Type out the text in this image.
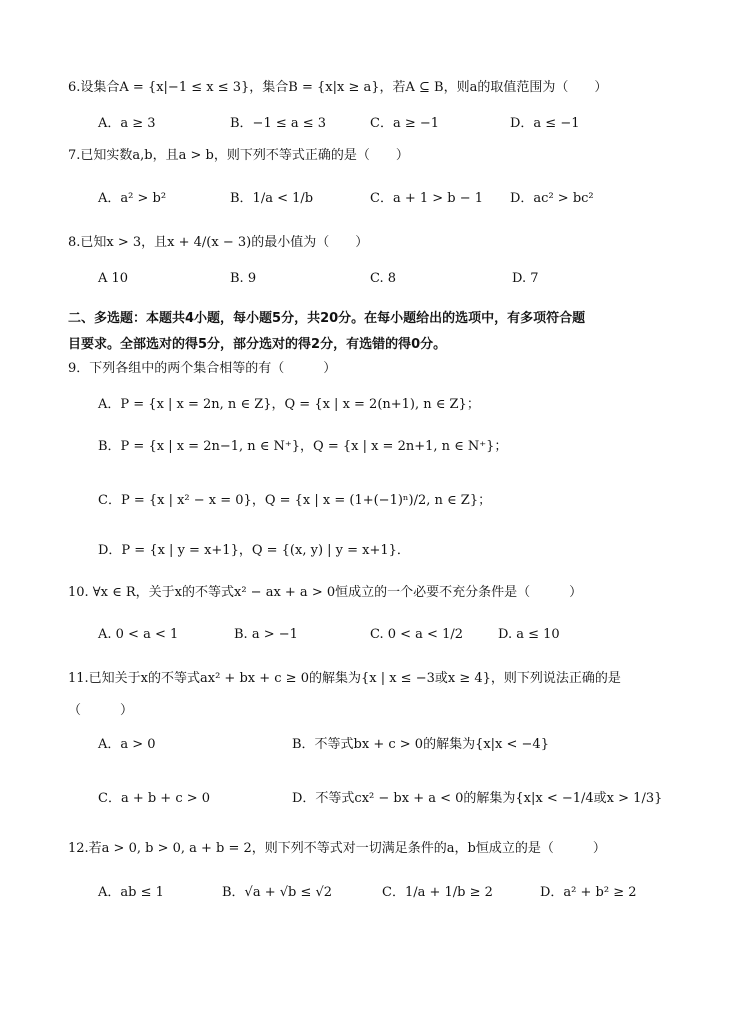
6.设集合A = {x|−1 ≤ x ≤ 3}，集合B = {x|x ≥ a}，若A ⊆ B，则a的取值范围为（　　）
A．a ≥ 3	B．−1 ≤ a ≤ 3	C．a ≥ −1	D．a ≤ −1
7.已知实数a,b，且a > b，则下列不等式正确的是（　　）
A．a² > b²	B．1/a < 1/b	C．a + 1 > b − 1 D．ac² > bc²
8.已知x > 3，且x + 4/(x − 3)的最小值为（　　）
A 10	B. 9	C. 8	D. 7
二、多选题：本题共4小题，每小题5分，共20分。在每小题给出的选项中，有多项符合题
目要求。全部选对的得5分，部分选对的得2分，有选错的得0分。
9．下列各组中的两个集合相等的有（　　　）
A．P = {x | x = 2n, n ∈ Z}，Q = {x | x = 2(n+1), n ∈ Z}；
B．P = {x | x = 2n−1, n ∈ N⁺}，Q = {x | x = 2n+1, n ∈ N⁺}；
C．P = {x | x² − x = 0}，Q = {x | x = (1+(−1)ⁿ)/2, n ∈ Z}；
D．P = {x | y = x+1}，Q = {(x, y) | y = x+1}．
10. ∀x ∈ R，关于x的不等式x² − ax + a > 0恒成立的一个必要不充分条件是（　　　）
A. 0 < a < 1	B. a > −1	C. 0 < a < 1/2	D. a ≤ 10
11.已知关于x的不等式ax² + bx + c ≥ 0的解集为{x | x ≤ −3或x ≥ 4}，则下列说法正确的是
（　　　）
A．a > 0	B．不等式bx + c > 0的解集为{x|x < −4}
C．a + b + c > 0	D．不等式cx² − bx + a < 0的解集为{x|x < −1/4或x > 1/3}
12.若a > 0, b > 0, a + b = 2，则下列不等式对一切满足条件的a，b恒成立的是（　　　）
A．ab ≤ 1	B．√a + √b ≤ √2	C．1/a + 1/b ≥ 2	D．a² + b² ≥ 2
